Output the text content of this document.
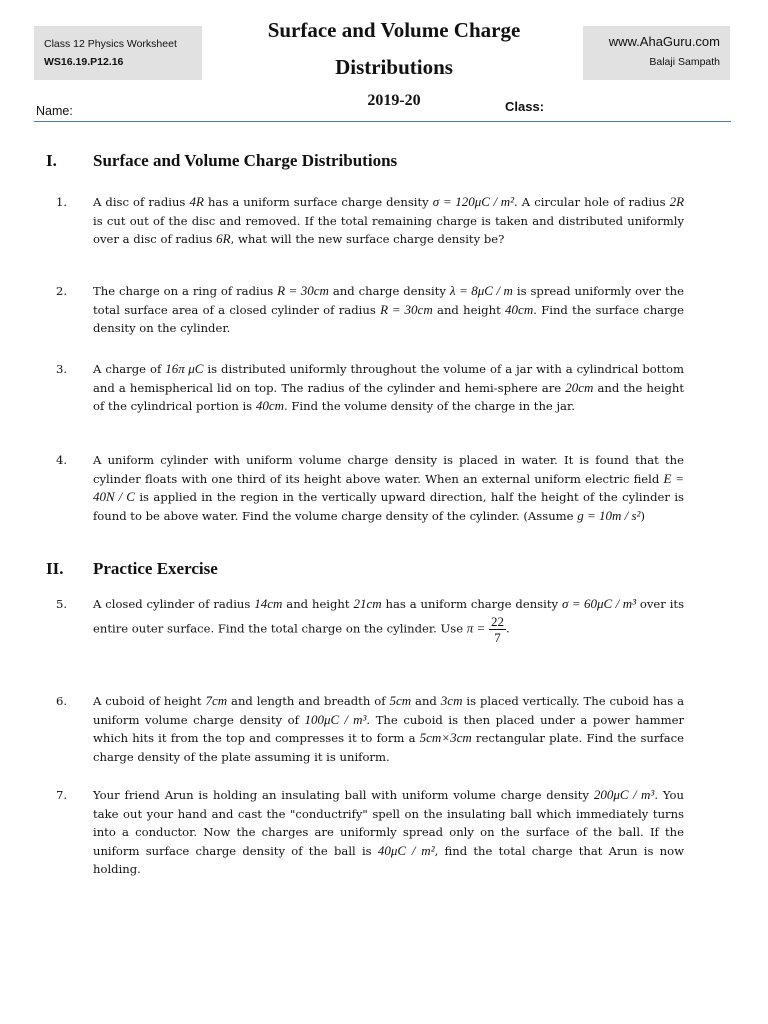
Class 12 Physics Worksheet
WS16.19.P12.16
Surface and Volume Charge
Distributions
www.AhaGuru.com
Balaji Sampath
2019-20
Name:	Class:
I. Surface and Volume Charge Distributions
1. A disc of radius 4R has a uniform surface charge density σ = 120μC / m². A circular hole of radius 2R is cut out of the disc and removed. If the total remaining charge is taken and distributed uniformly over a disc of radius 6R, what will the new surface charge density be?
2. The charge on a ring of radius R = 30cm and charge density λ = 8μC / m is spread uniformly over the total surface area of a closed cylinder of radius R = 30cm and height 40cm. Find the surface charge density on the cylinder.
3. A charge of 16π μC is distributed uniformly throughout the volume of a jar with a cylindrical bottom and a hemispherical lid on top. The radius of the cylinder and hemi-sphere are 20cm and the height of the cylindrical portion is 40cm. Find the volume density of the charge in the jar.
4. A uniform cylinder with uniform volume charge density is placed in water. It is found that the cylinder floats with one third of its height above water. When an external uniform electric field E = 40N / C is applied in the region in the vertically upward direction, half the height of the cylinder is found to be above water. Find the volume charge density of the cylinder. (Assume g = 10m / s²)
II. Practice Exercise
5. A closed cylinder of radius 14cm and height 21cm has a uniform charge density σ = 60μC / m³ over its entire outer surface. Find the total charge on the cylinder. Use $\pi = \frac{22}{7}$ .
6. A cuboid of height 7cm and length and breadth of 5cm and 3cm is placed vertically. The cuboid has a uniform volume charge density of 100μC / m³. The cuboid is then placed under a power hammer which hits it from the top and compresses it to form a 5cm×3cm rectangular plate. Find the surface charge density of the plate assuming it is uniform.
7. Your friend Arun is holding an insulating ball with uniform volume charge density 200μC / m³. You take out your hand and cast the "conductrify" spell on the insulating ball which immediately turns into a conductor. Now the charges are uniformly spread only on the surface of the ball. If the uniform surface charge density of the ball is 40μC / m², find the total charge that Arun is now holding.
